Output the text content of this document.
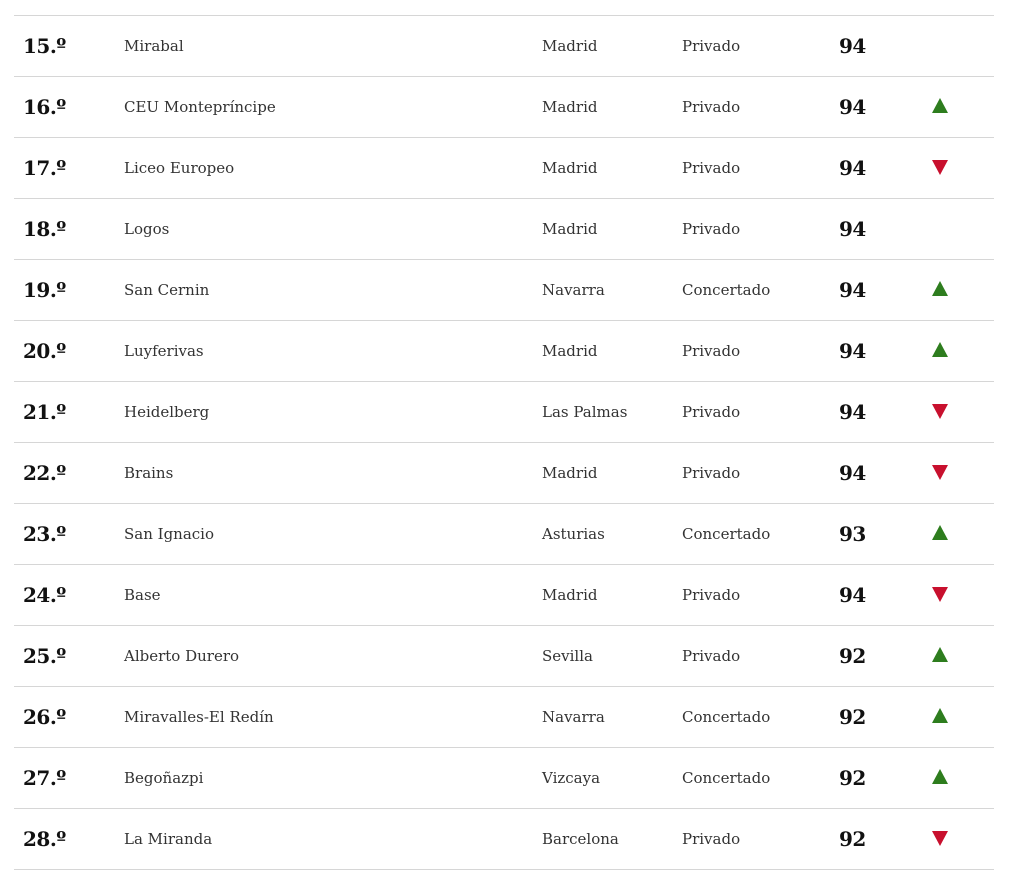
15.º	Mirabal	Madrid	Privado	94
16.º	CEU Montepríncipe	Madrid	Privado	94
17.º	Liceo Europeo	Madrid	Privado	94
18.º	Logos	Madrid	Privado	94
19.º	San Cernin	Navarra	Concertado	94
20.º	Luyferivas	Madrid	Privado	94
21.º	Heidelberg	Las Palmas	Privado	94
22.º	Brains	Madrid	Privado	94
23.º	San Ignacio	Asturias	Concertado	93
24.º	Base	Madrid	Privado	94
25.º	Alberto Durero	Sevilla	Privado	92
26.º	Miravalles-El Redín	Navarra	Concertado	92
27.º	Begoñazpi	Vizcaya	Concertado	92
28.º	La Miranda	Barcelona	Privado	92
